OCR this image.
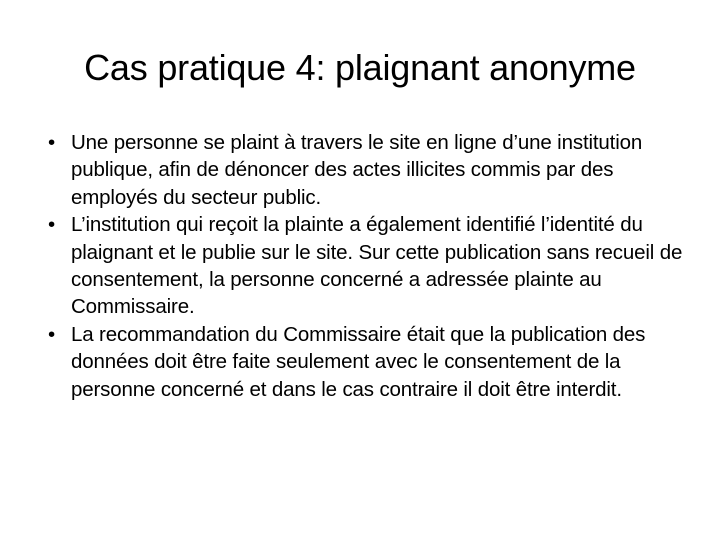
Cas pratique 4: plaignant anonyme
• Une personne se plaint à travers le site en ligne d’une institution publique, afin de dénoncer des actes illicites commis par des employés du secteur public.
• L’institution qui reçoit la plainte a également identifié l’identité du plaignant et le publie sur le site. Sur cette publication sans recueil de consentement, la personne concerné a adressée plainte au Commissaire.
• La recommandation du Commissaire était que la publication des données doit être faite seulement avec le consentement de la personne concerné et dans le cas contraire il doit être interdit.
